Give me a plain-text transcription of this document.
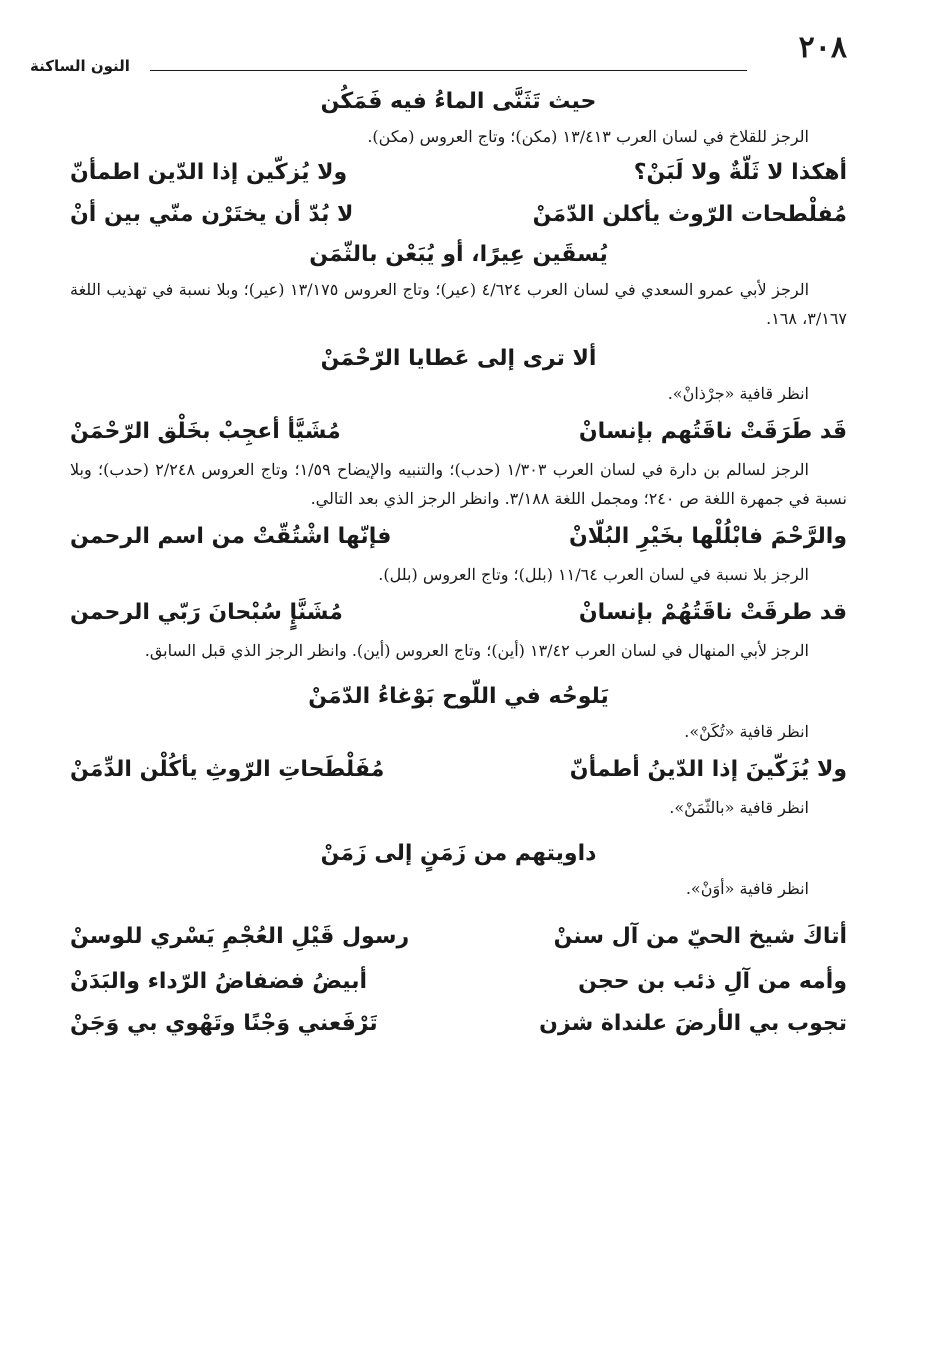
٢٠٨
النون الساكنة
حيث تَثَنَّى الماءُ فيه فَمَكُن

الرجز للقلاخ في لسان العرب ١٣/٤١٣ (مكن)؛ وتاج العروس (مكن).

أهكذا لا ثَلّةٌ ولا لَبَنْ؟
ولا يُزكّين إذا الدّين اطمأنّ
مُفلْطحات الرّوث يأكلن الدّمَنْ
لا بُدّ أن يختَرْن منّي بين أنْ
يُسقَين عِيرًا، أو يُبَعْن بالثّمَن

الرجز لأبي عمرو السعدي في لسان العرب ٤/٦٢٤ (عير)؛ وتاج العروس ١٣/١٧٥ (عير)؛ وبلا نسبة في تهذيب اللغة ٣/١٦٧، ١٦٨.

ألا ترى إلى عَطايا الرّحْمَنْ

انظر قافية «جرْذانْ».

قَد طَرَقَتْ ناقَتُهم بإنسانْ
مُشَيَّأ أعجِبْ بخَلْق الرّحْمَنْ

الرجز لسالم بن دارة في لسان العرب ١/٣٠٣ (حدب)؛ والتنبيه والإيضاح ١/٥٩؛ وتاج العروس ٢/٢٤٨ (حدب)؛ وبلا نسبة في جمهرة اللغة ص ٢٤٠؛ ومجمل اللغة ٣/١٨٨. وانظر الرجز الذي بعد التالي.

والرَّحْمَ فابْلُلْها بخَيْرِ البُلّانْ
فإنّها اشْتُقّتْ من اسم الرحمن

الرجز بلا نسبة في لسان العرب ١١/٦٤ (بلل)؛ وتاج العروس (بلل).

قد طرقَتْ ناقَتُهُمْ بإنسانْ
مُشَنَّإٍ سُبْحانَ رَبّي الرحمن

الرجز لأبي المنهال في لسان العرب ١٣/٤٢ (أين)؛ وتاج العروس (أين). وانظر الرجز الذي قبل السابق.

يَلوحُه في اللّوح بَوْغاءُ الدّمَنْ

انظر قافية «تُكَنْ».

ولا يُزَكّينَ إذا الدّينُ أطمأنّ
مُفَلْطَحاتِ الرّوثِ يأكُلْن الدِّمَنْ

انظر قافية «بالثّمَنْ».

داويتهم من زَمَنٍ إلى زَمَنْ

انظر قافية «أوَنْ».

أتاكَ شيخ الحيّ من آل سننْ
رسول قَيْلِ العُجْمِ يَسْري للوسنْ
وأمه من آلِ ذئب بن حجن
أبيضُ فضفاضُ الرّداء والبَدَنْ
تجوب بي الأرضَ علنداة شزن
تَرْفَعني وَجْنًا وتَهْوي بي وَجَنْ
